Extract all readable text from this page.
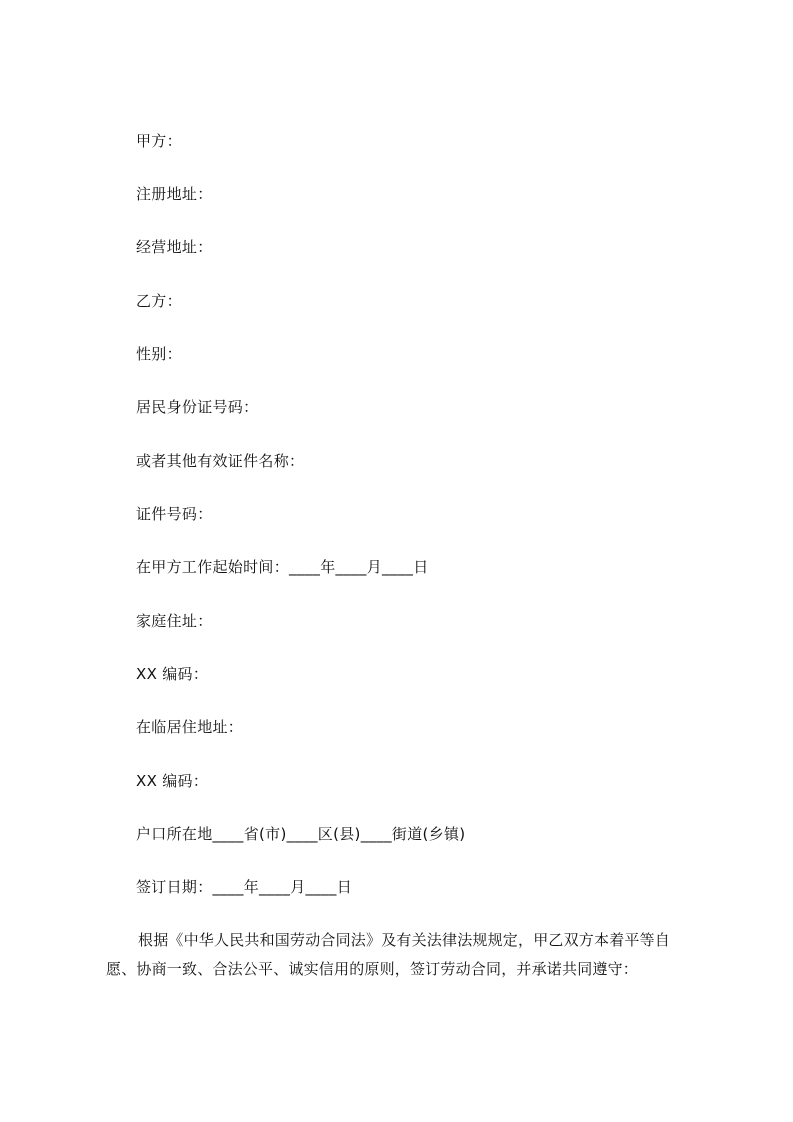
甲方：
注册地址：
经营地址：
乙方：
性别：
居民身份证号码：
或者其他有效证件名称：
证件号码：
在甲方工作起始时间：____年____月____日
家庭住址：
XX 编码：
在临居住地址：
XX 编码：
户口所在地____省(市)____区(县)____街道(乡镇)
签订日期：____年____月____日
根据《中华人民共和国劳动合同法》及有关法律法规规定，甲乙双方本着平等自愿、协商一致、合法公平、诚实信用的原则，签订劳动合同，并承诺共同遵守：
